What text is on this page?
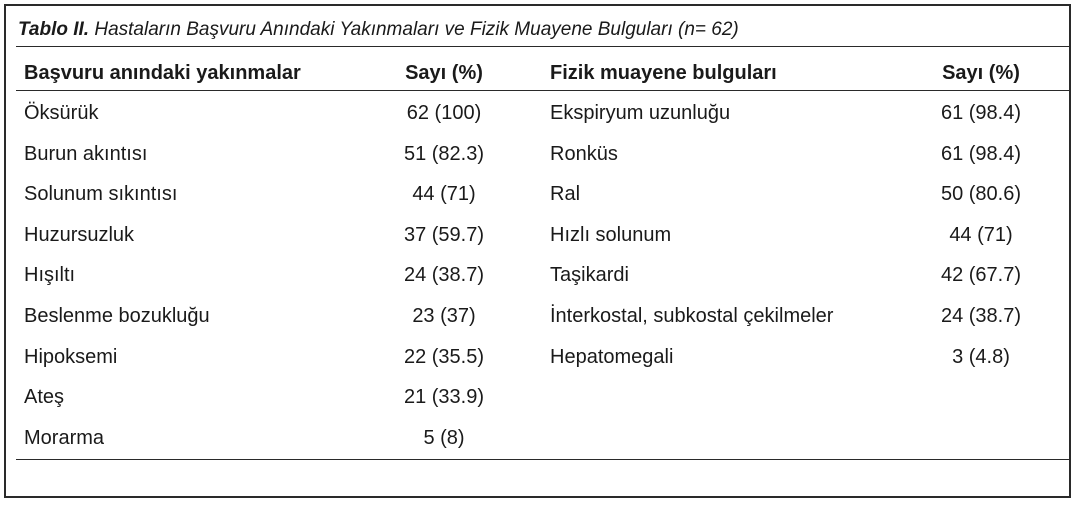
Tablo II. Hastaların Başvuru Anındaki Yakınmaları ve Fizik Muayene Bulguları (n= 62)
Başvuru anındaki yakınmalar	Sayı (%)	Fizik muayene bulguları	Sayı (%)
Öksürük	62 (100)	Ekspiryum uzunluğu	61 (98.4)
Burun akıntısı	51 (82.3)	Ronküs	61 (98.4)
Solunum sıkıntısı	44 (71)	Ral	50 (80.6)
Huzursuzluk	37 (59.7)	Hızlı solunum	44 (71)
Hışıltı	24 (38.7)	Taşikardi	42 (67.7)
Beslenme bozukluğu	23 (37)	İnterkostal, subkostal çekilmeler	24 (38.7)
Hipoksemi	22 (35.5)	Hepatomegali	3 (4.8)
Ateş	21 (33.9)
Morarma	5 (8)
